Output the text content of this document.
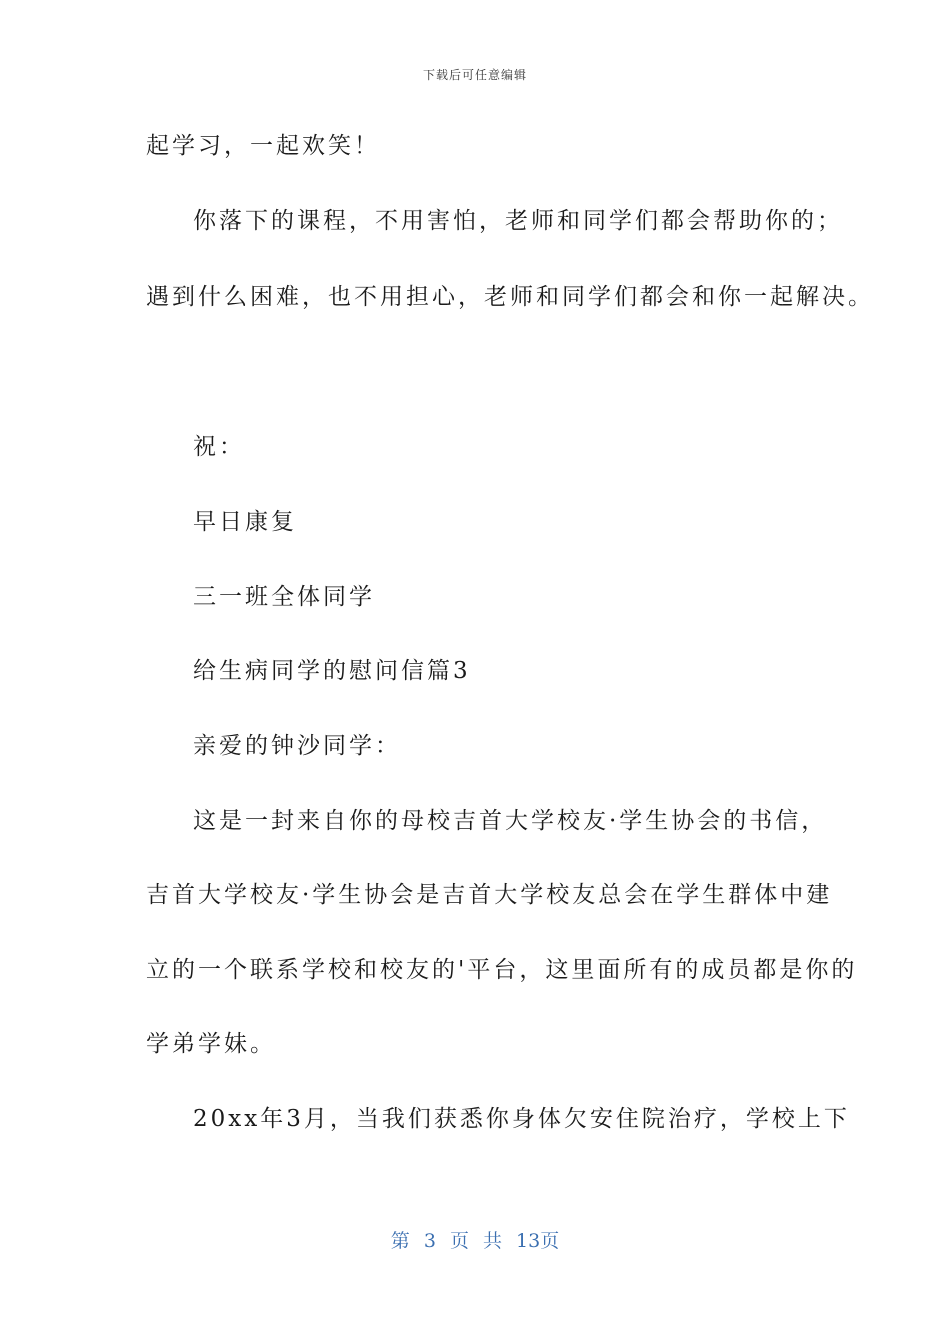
下载后可任意编辑
起学习，一起欢笑！
你落下的课程，不用害怕，老师和同学们都会帮助你的；
遇到什么困难，也不用担心，老师和同学们都会和你一起解决。
祝：
早日康复
三一班全体同学
给生病同学的慰问信篇3
亲爱的钟沙同学：
这是一封来自你的母校吉首大学校友·学生协会的书信，
吉首大学校友·学生协会是吉首大学校友总会在学生群体中建
立的一个联系学校和校友的'平台，这里面所有的成员都是你的
学弟学妹。
20xx年3月，当我们获悉你身体欠安住院治疗，学校上下
第 3 页 共 13页
